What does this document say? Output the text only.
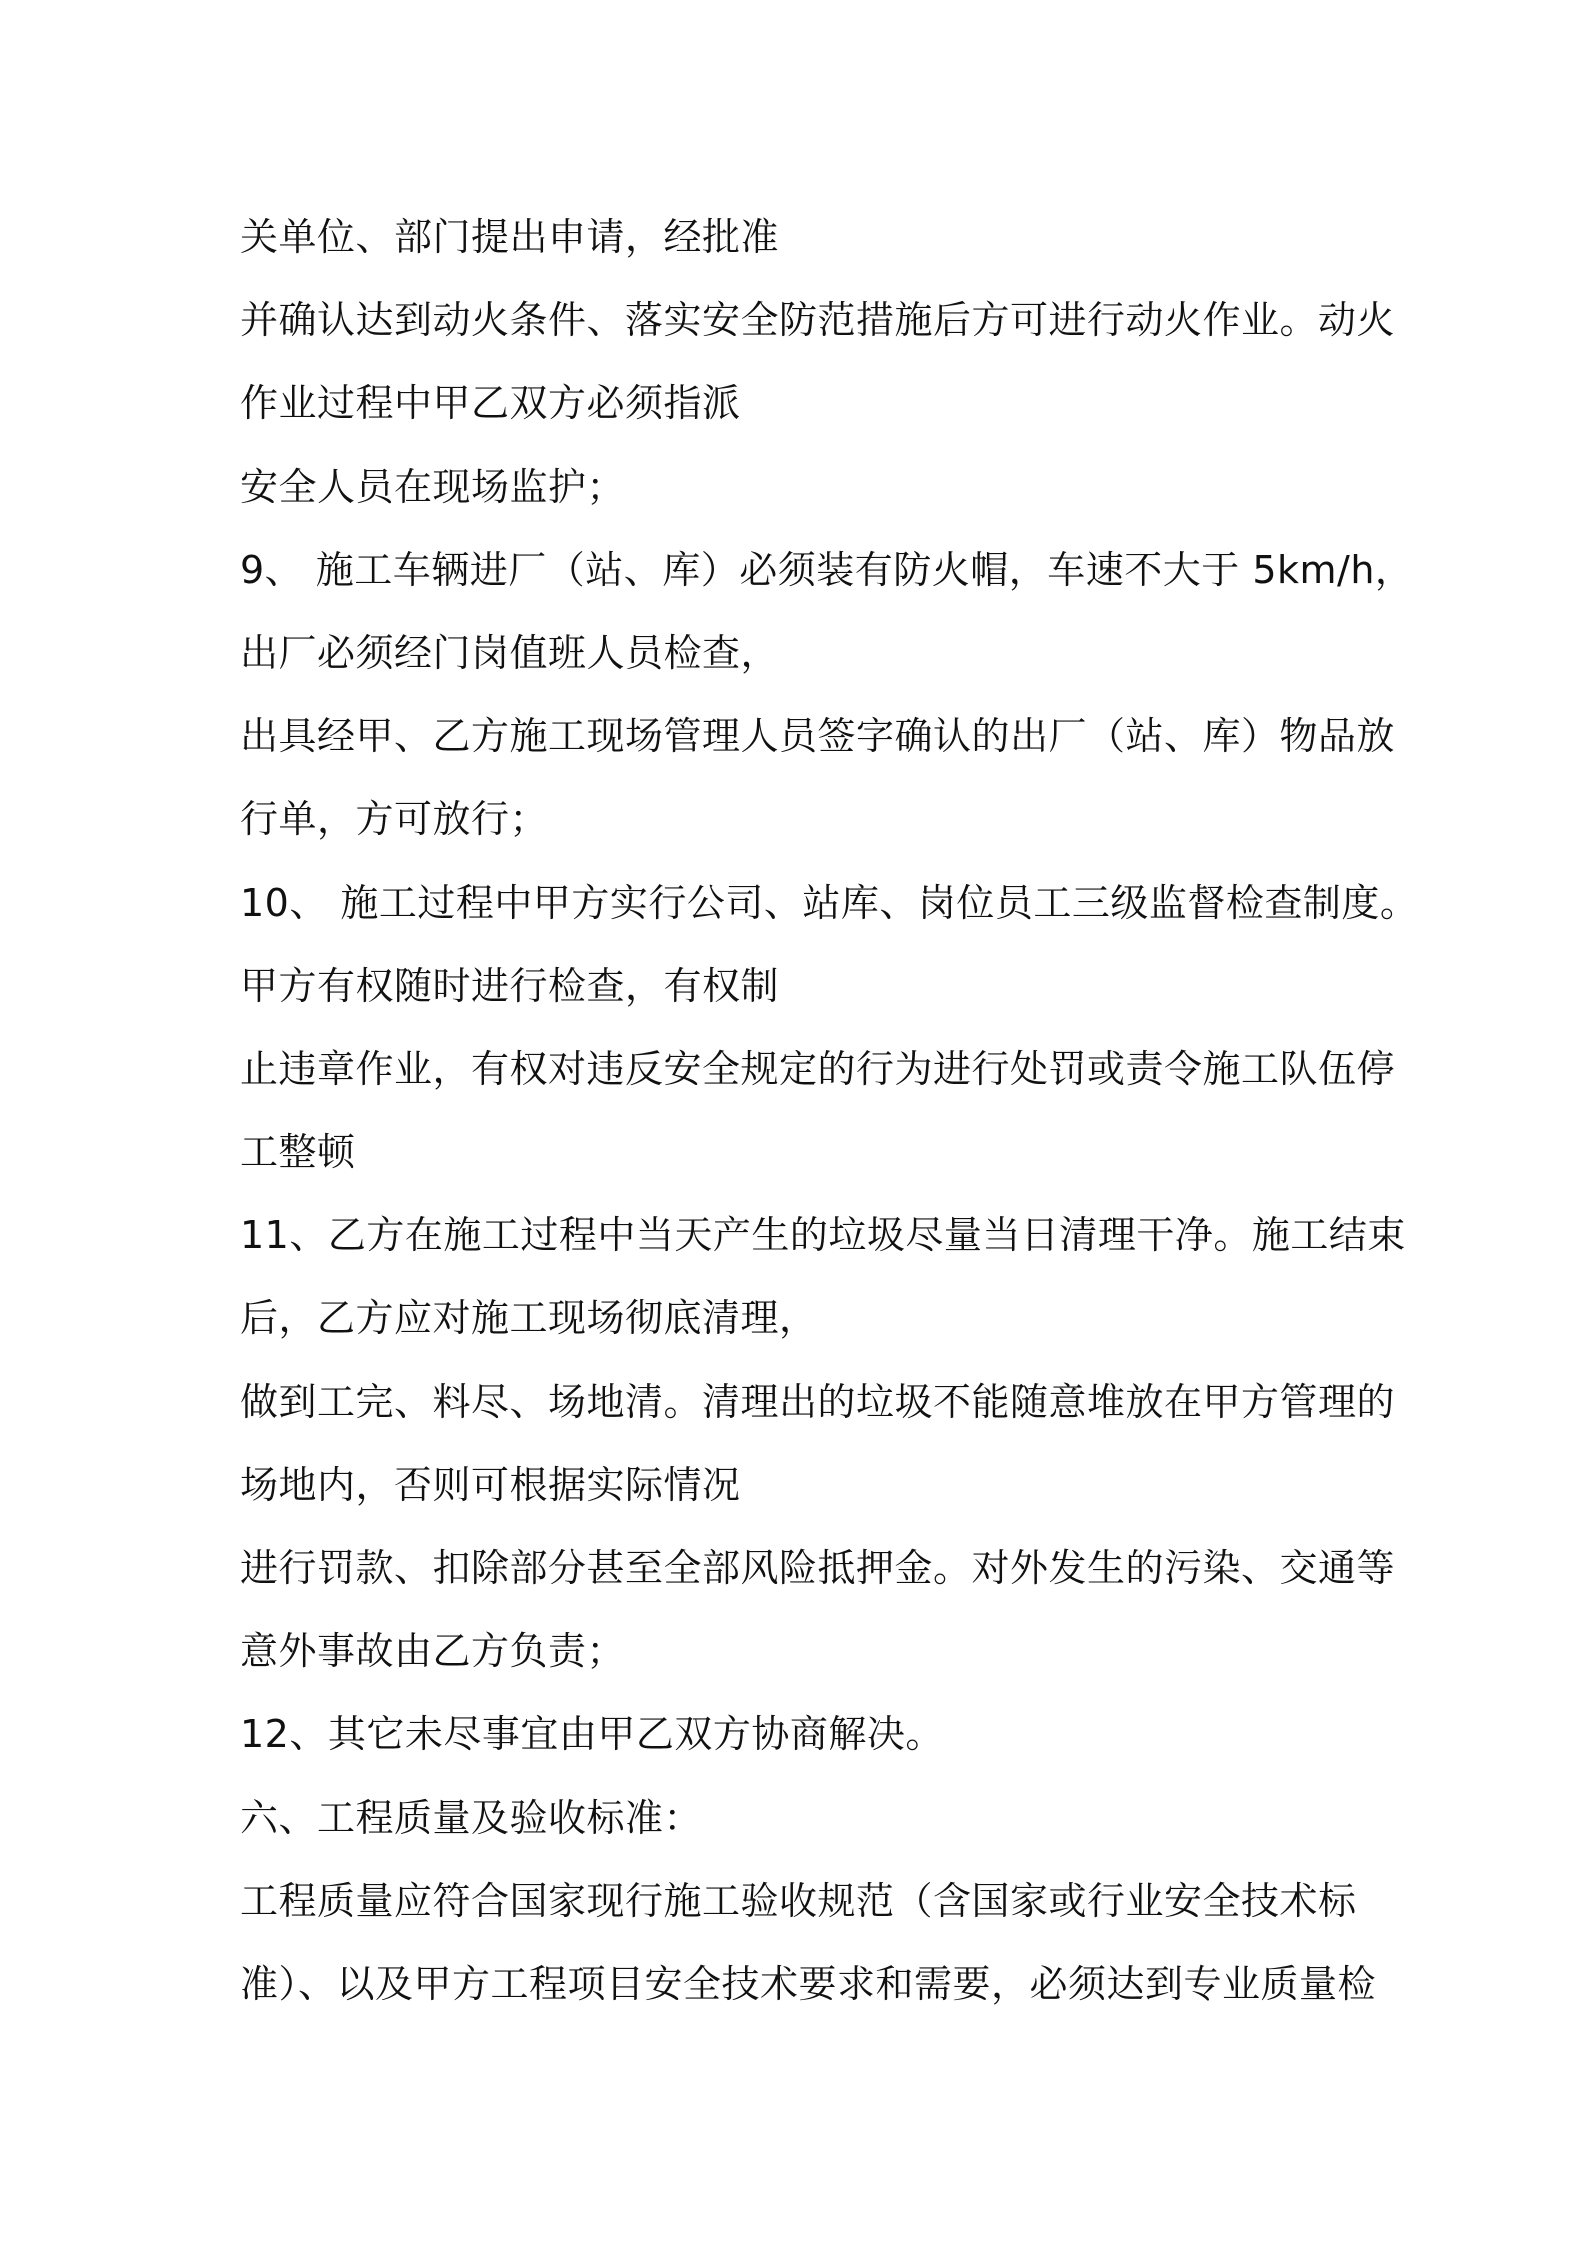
关单位、部门提出申请，经批准
并确认达到动火条件、落实安全防范措施后方可进行动火作业。动火
作业过程中甲乙双方必须指派
安全人员在现场监护；
9、 施工车辆进厂（站、库）必须装有防火帽，车速不大于 5km/h，
出厂必须经门岗值班人员检查，
出具经甲、乙方施工现场管理人员签字确认的出厂（站、库）物品放
行单，方可放行；
10、 施工过程中甲方实行公司、站库、岗位员工三级监督检查制度。
甲方有权随时进行检查，有权制
止违章作业，有权对违反安全规定的行为进行处罚或责令施工队伍停
工整顿
11、乙方在施工过程中当天产生的垃圾尽量当日清理干净。施工结束
后，乙方应对施工现场彻底清理，
做到工完、料尽、场地清。清理出的垃圾不能随意堆放在甲方管理的
场地内，否则可根据实际情况
进行罚款、扣除部分甚至全部风险抵押金。对外发生的污染、交通等
意外事故由乙方负责；
12、其它未尽事宜由甲乙双方协商解决。
六、工程质量及验收标准：
工程质量应符合国家现行施工验收规范（含国家或行业安全技术标
准）、以及甲方工程项目安全技术要求和需要，必须达到专业质量检
